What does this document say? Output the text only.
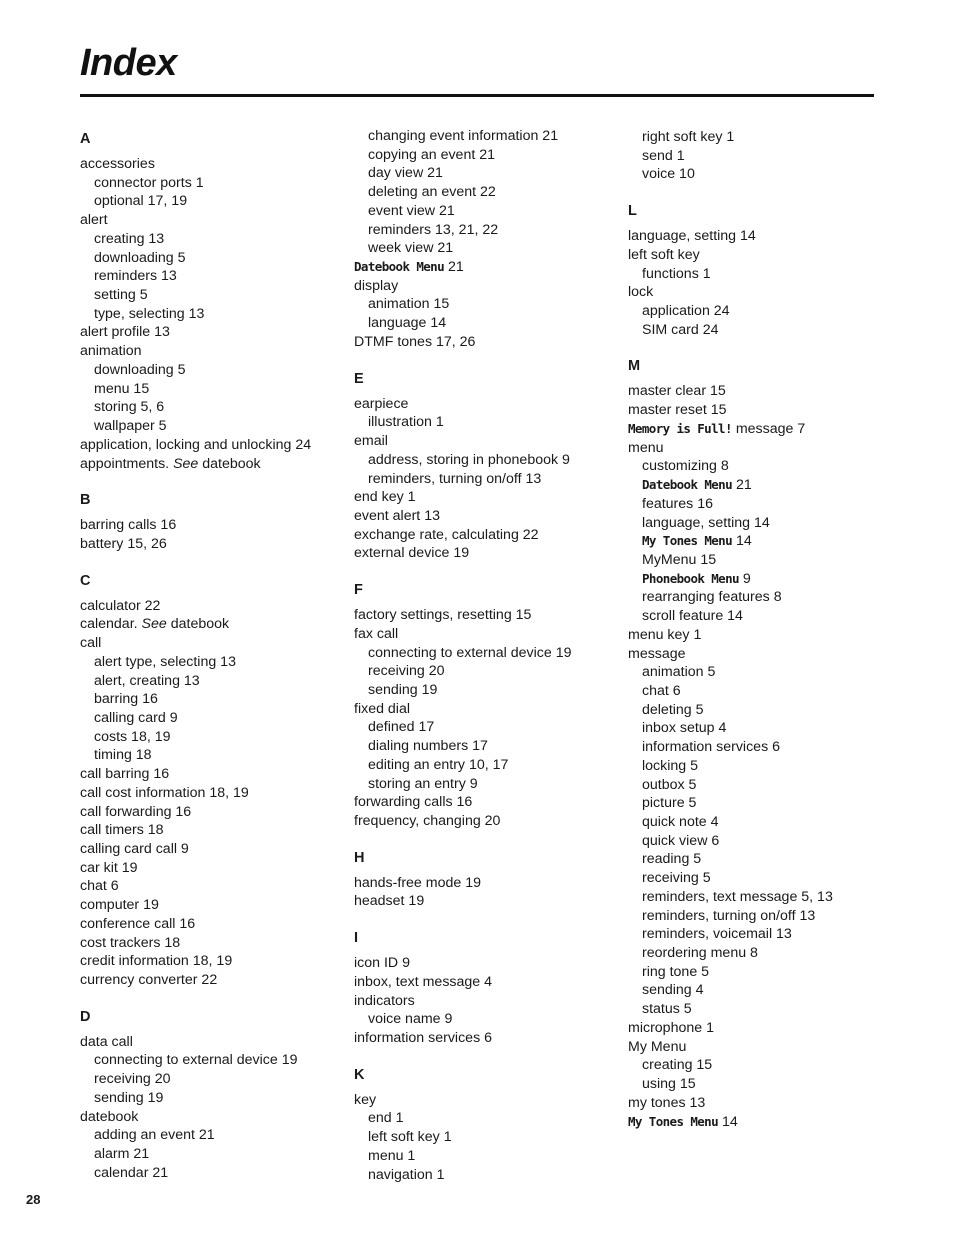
Index
A
accessories
connector ports 1
optional 17, 19
alert
creating 13
downloading 5
reminders 13
setting 5
type, selecting 13
alert profile 13
animation
downloading 5
menu 15
storing 5, 6
wallpaper 5
application, locking and unlocking 24
appointments. See datebook
B
barring calls 16
battery 15, 26
C
calculator 22
calendar. See datebook
call
alert type, selecting 13
alert, creating 13
barring 16
calling card 9
costs 18, 19
timing 18
call barring 16
call cost information 18, 19
call forwarding 16
call timers 18
calling card call 9
car kit 19
chat 6
computer 19
conference call 16
cost trackers 18
credit information 18, 19
currency converter 22
D
data call
connecting to external device 19
receiving 20
sending 19
datebook
adding an event 21
alarm 21
calendar 21
changing event information 21
copying an event 21
day view 21
deleting an event 22
event view 21
reminders 13, 21, 22
week view 21
Datebook Menu 21
display
animation 15
language 14
DTMF tones 17, 26
E
earpiece
illustration 1
email
address, storing in phonebook 9
reminders, turning on/off 13
end key 1
event alert 13
exchange rate, calculating 22
external device 19
F
factory settings, resetting 15
fax call
connecting to external device 19
receiving 20
sending 19
fixed dial
defined 17
dialing numbers 17
editing an entry 10, 17
storing an entry 9
forwarding calls 16
frequency, changing 20
H
hands-free mode 19
headset 19
I
icon ID 9
inbox, text message 4
indicators
voice name 9
information services 6
K
key
end 1
left soft key 1
menu 1
navigation 1
right soft key 1
send 1
voice 10
L
language, setting 14
left soft key
functions 1
lock
application 24
SIM card 24
M
master clear 15
master reset 15
Memory is Full! message 7
menu
customizing 8
Datebook Menu 21
features 16
language, setting 14
My Tones Menu 14
MyMenu 15
Phonebook Menu 9
rearranging features 8
scroll feature 14
menu key 1
message
animation 5
chat 6
deleting 5
inbox setup 4
information services 6
locking 5
outbox 5
picture 5
quick note 4
quick view 6
reading 5
receiving 5
reminders, text message 5, 13
reminders, turning on/off 13
reminders, voicemail 13
reordering menu 8
ring tone 5
sending 4
status 5
microphone 1
My Menu
creating 15
using 15
my tones 13
My Tones Menu 14
28
